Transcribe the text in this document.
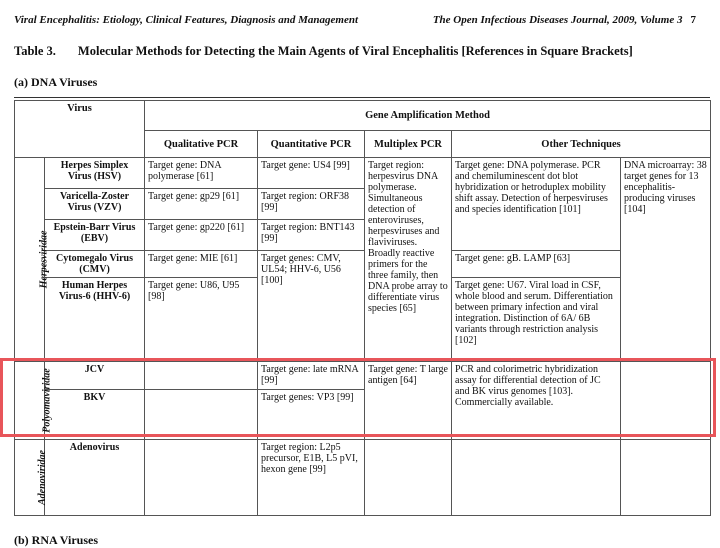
Viral Encephalitis: Etiology, Clinical Features, Diagnosis and Management	The Open Infectious Diseases Journal, 2009, Volume 3 7
Table 3. Molecular Methods for Detecting the Main Agents of Viral Encephalitis [References in Square Brackets]
(a) DNA Viruses
Virus		Gene Amplification Method				
		Qualitative PCR	Quantitative PCR	Multiplex PCR	Other Techniques	
Herpesviridae	Herpes Simplex Virus (HSV)	Target gene: DNA polymerase [61]	Target gene: US4 [99]	Target region: herpesvirus DNA polymerase. Simultaneous detection of enteroviruses, herpesviruses and flaviviruses. Broadly reactive primers for the three family, then DNA probe array to differentiate virus species [65]	Target gene: DNA polymerase. PCR and chemiluminescent dot blot hybridization or hetroduplex mobility shift assay. Detection of herpesviruses and species identification [101]	DNA microarray: 38 target genes for 13 encephalitis-producing viruses [104]
	Varicella-Zoster Virus (VZV)	Target gene: gp29 [61]	Target region: ORF38 [99]			
	Epstein-Barr Virus (EBV)	Target gene: gp220 [61]	Target region: BNT143 [99]			
	Cytomegalo Virus (CMV)	Target gene: MIE [61]	Target genes: CMV, UL54; HHV-6, U56 [100]		Target gene: gB. LAMP [63]	
	Human Herpes Virus-6 (HHV-6)	Target gene: U86, U95 [98]			Target gene: U67. Viral load in CSF, whole blood and serum. Differentiation between primary infection and viral integration. Distinction of 6A/ 6B variants through restriction analysis [102]	
Polyomaviridae	JCV		Target gene: late mRNA [99]	Target gene: T large antigen [64]	PCR and colorimetric hybridization assay for differential detection of JC and BK virus genomes [103]. Commercially available.	
	BKV		Target genes: VP3 [99]			
Adenoviridae	Adenovirus		Target region: L2p5 precursor, E1B, L5 pVI, hexon gene [99]			
(b) RNA Viruses
